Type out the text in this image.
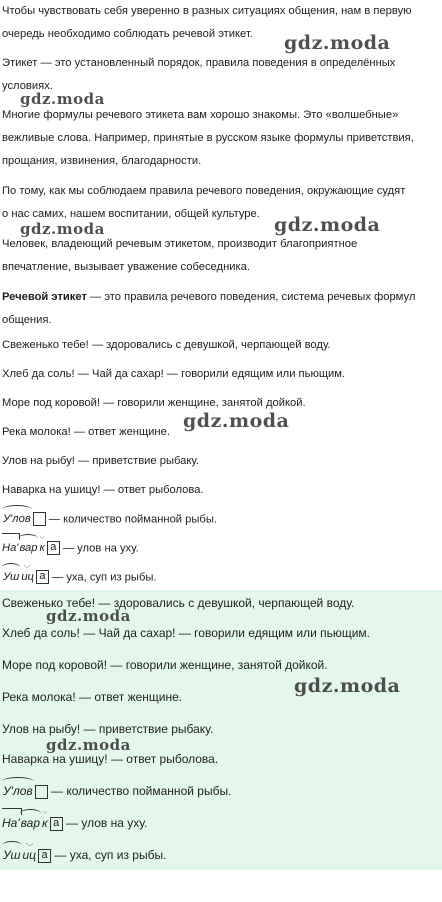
Чтобы чувствовать себя уверенно в разных ситуациях общения, нам в первую

очередь необходимо соблюдать речевой этикет.

Этикет — это установленный порядок, правила поведения в определённых

условиях.

Многие формулы речевого этикета вам хорошо знакомы. Это «волшебные»

вежливые слова. Например, принятые в русском языке формулы приветствия,

прощания, извинения, благодарности.

По тому, как мы соблюдаем правила речевого поведения, окружающие судят

о нас самих, нашем воспитании, общей культуре.

Человек, владеющий речевым этикетом, производит благоприятное

впечатление, вызывает уважение собеседника.

Речевой этикет — это правила речевого поведения, система речевых формул

общения.

Свеженько тебе! — здоровались с девушкой, черпающей воду.

Хлеб да соль! — Чай да сахар! — говорили едящим или пьющим.

Море под коровой! — говорили женщине, занятой дойкой.

Река молока! — ответ женщине.

Улов на рыбу! — приветствие рыбаку.

Наварка на ушицу! — ответ рыболова.

У'лов — количество пойманной рыбы.

На'вар к а — улов на уху.

Уш иц а — уха, суп из рыбы.

Свеженько тебе! — здоровались с девушкой, черпающей воду.

Хлеб да соль! — Чай да сахар! — говорили едящим или пьющим.

Море под коровой! — говорили женщине, занятой дойкой.

Река молока! — ответ женщине.

Улов на рыбу! — приветствие рыбаку.

Наварка на ушицу! — ответ рыболова.

У'лов — количество пойманной рыбы.

На'вар к а — улов на уху.

Уш иц а — уха, суп из рыбы.

gdz.moda
gdz.moda
gdz.moda
gdz.moda
gdz.moda
gdz.moda
gdz.moda
gdz.moda
